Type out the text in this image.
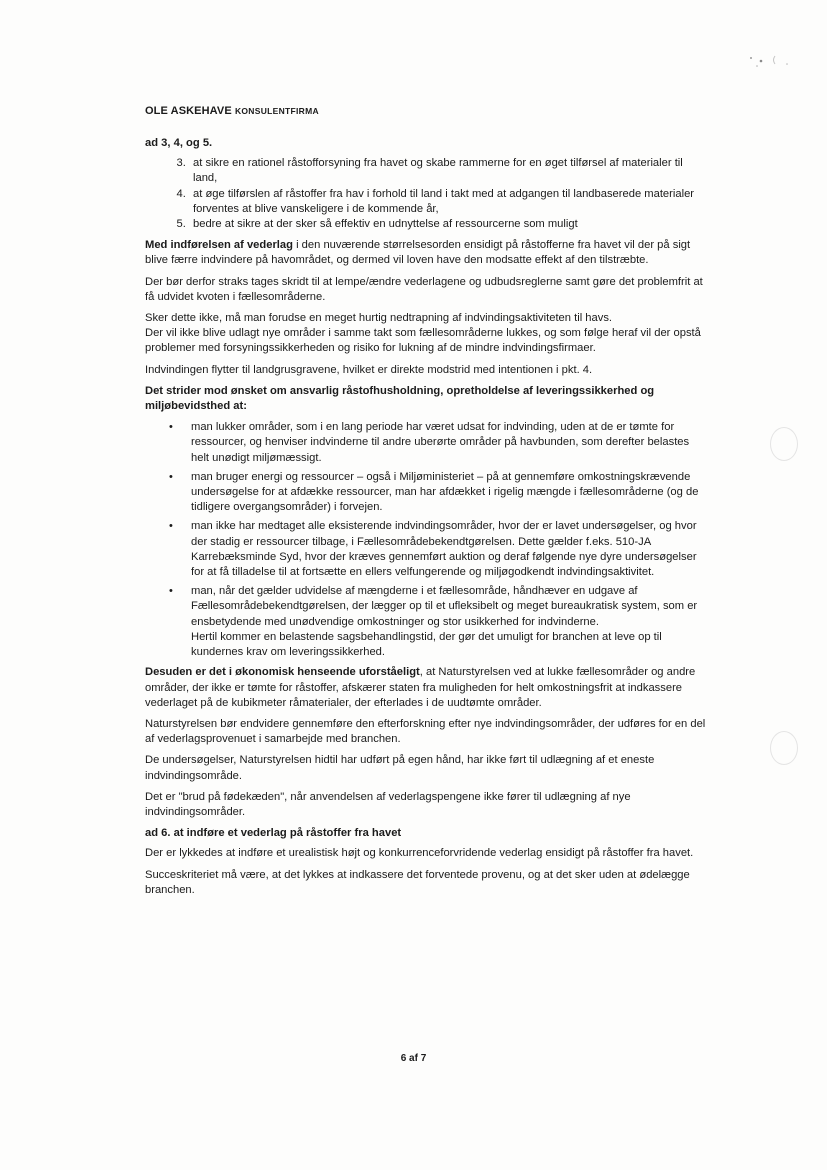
OLE ASKEHAVE KONSULENTFIRMA
ad 3, 4, og 5.
3. at sikre en rationel råstofforsyning fra havet og skabe rammerne for en øget tilførsel af materialer til land,
4. at øge tilførslen af råstoffer fra hav i forhold til land i takt med at adgangen til landbaserede materialer forventes at blive vanskeligere i de kommende år,
5. bedre at sikre at der sker så effektiv en udnyttelse af ressourcerne som muligt

Med indførelsen af vederlag i den nuværende størrelsesorden ensidigt på råstofferne fra havet vil der på sigt blive færre indvindere på havområdet, og dermed vil loven have den modsatte effekt af den tilstræbte.

Der bør derfor straks tages skridt til at lempe/ændre vederlagene og udbudsreglerne samt gøre det problemfrit at få udvidet kvoten i fællesområderne.

Sker dette ikke, må man forudse en meget hurtig nedtrapning af indvindingsaktiviteten til havs.
Der vil ikke blive udlagt nye områder i samme takt som fællesområderne lukkes, og som følge heraf vil der opstå problemer med forsyningssikkerheden og risiko for lukning af de mindre indvindingsfirmaer.

Indvindingen flytter til landgrusgravene, hvilket er direkte modstrid med intentionen i pkt. 4.

Det strider mod ønsket om ansvarlig råstofhusholdning, opretholdelse af leveringssikkerhed og miljøbevidsthed at:

• man lukker områder, som i en lang periode har været udsat for indvinding, uden at de er tømte for ressourcer, og henviser indvinderne til andre uberørte områder på havbunden, som derefter belastes helt unødigt miljømæssigt.
• man bruger energi og ressourcer – også i Miljøministeriet – på at gennemføre omkostningskrævende undersøgelse for at afdække ressourcer, man har afdækket i rigelig mængde i fællesområderne (og de tidligere overgangsområder) i forvejen.
• man ikke har medtaget alle eksisterende indvindingsområder, hvor der er lavet undersøgelser, og hvor der stadig er ressourcer tilbage, i Fællesområdebekendtgørelsen. Dette gælder f.eks. 510-JA Karrebæksminde Syd, hvor der kræves gennemført auktion og deraf følgende nye dyre undersøgelser for at få tilladelse til at fortsætte en ellers velfungerende og miljøgodkendt indvindingsaktivitet.
• man, når det gælder udvidelse af mængderne i et fællesområde, håndhæver en udgave af Fællesområdebekendtgørelsen, der lægger op til et ufleksibelt og meget bureaukratisk system, som er ensbetydende med unødvendige omkostninger og stor usikkerhed for indvinderne.
Hertil kommer en belastende sagsbehandlingstid, der gør det umuligt for branchen at leve op til kundernes krav om leveringssikkerhed.

Desuden er det i økonomisk henseende uforståeligt, at Naturstyrelsen ved at lukke fællesområder og andre områder, der ikke er tømte for råstoffer, afskærer staten fra muligheden for helt omkostningsfrit at indkassere vederlaget på de kubikmeter råmaterialer, der efterlades i de uudtømte områder.

Naturstyrelsen bør endvidere gennemføre den efterforskning efter nye indvindingsområder, der udføres for en del af vederlagsprovenuet i samarbejde med branchen.

De undersøgelser, Naturstyrelsen hidtil har udført på egen hånd, har ikke ført til udlægning af et eneste indvindingsområde.

Det er "brud på fødekæden", når anvendelsen af vederlagspengene ikke fører til udlægning af nye indvindingsområder.

ad 6. at indføre et vederlag på råstoffer fra havet

Der er lykkedes at indføre et urealistisk højt og konkurrenceforvridende vederlag ensidigt på råstoffer fra havet.

Succeskriteriet må være, at det lykkes at indkassere det forventede provenu, og at det sker uden at ødelægge branchen.

6 af 7
